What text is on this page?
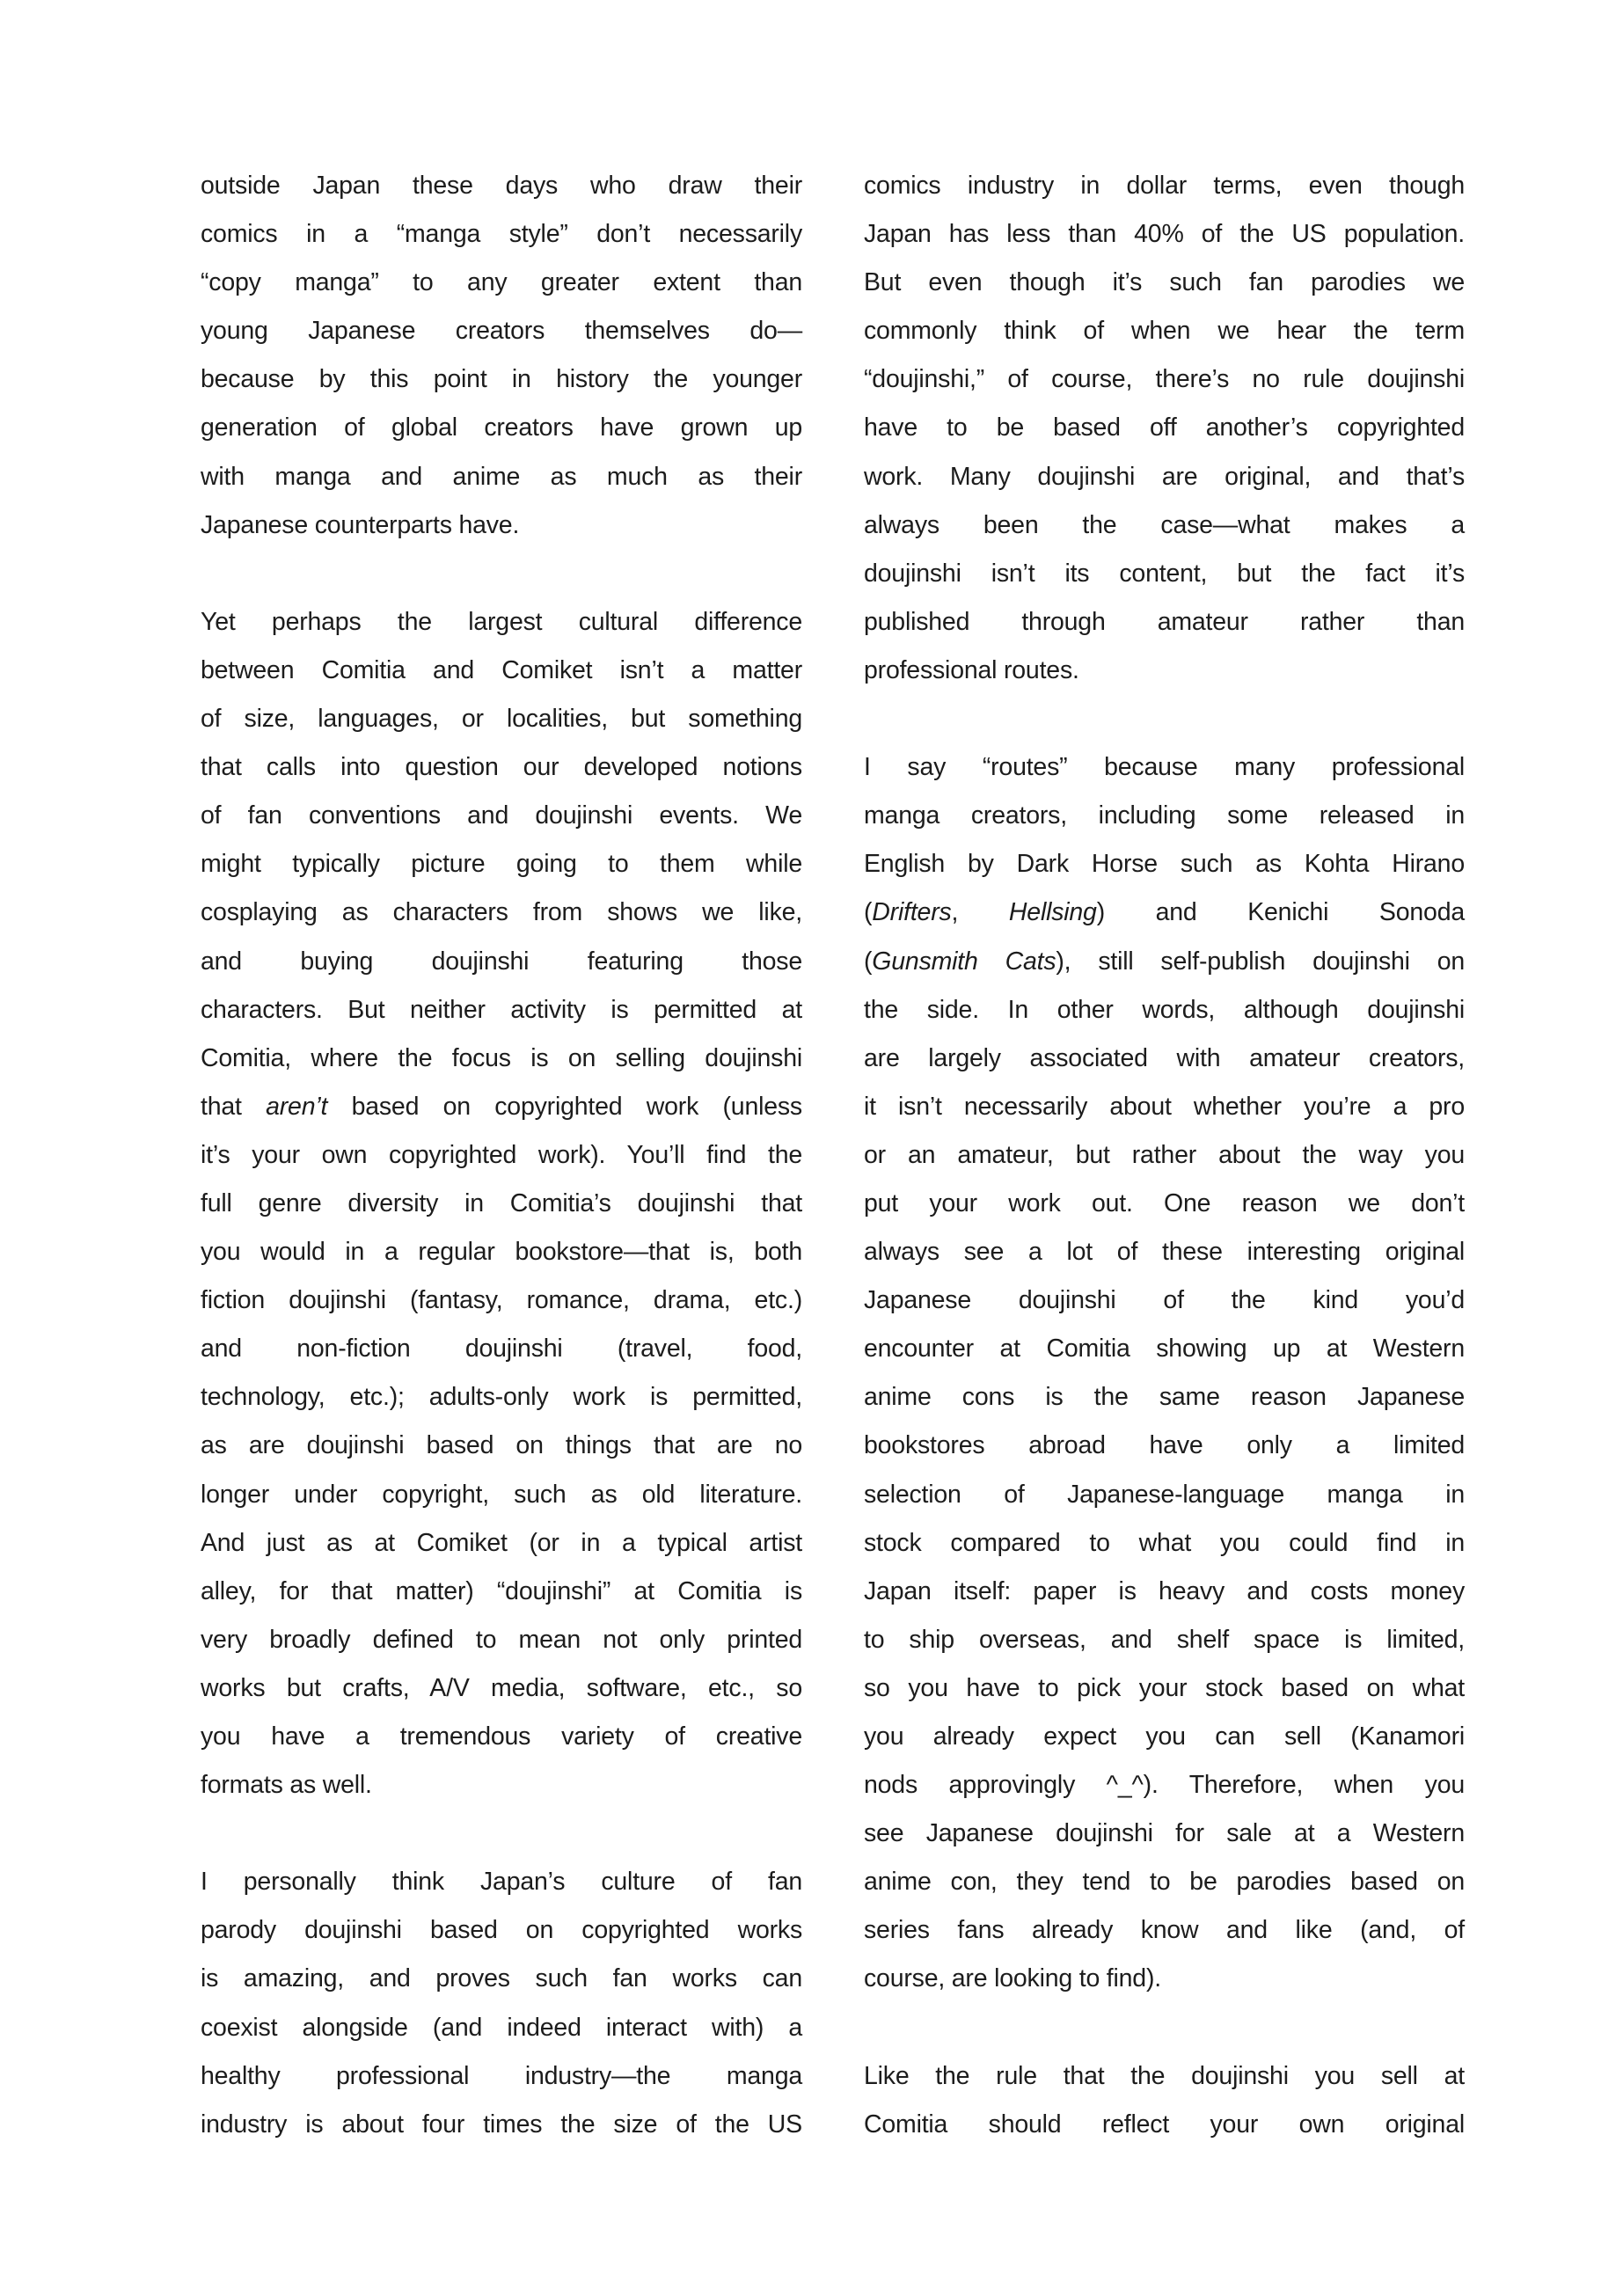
outside Japan these days who draw their
comics in a “manga style” don’t necessarily
“copy manga” to any greater extent than
young Japanese creators themselves do—
because by this point in history the younger
generation of global creators have grown up
with manga and anime as much as their
Japanese counterparts have.
Yet perhaps the largest cultural difference
between Comitia and Comiket isn’t a matter
of size, languages, or localities, but something
that calls into question our developed notions
of fan conventions and doujinshi events. We
might typically picture going to them while
cosplaying as characters from shows we like,
and buying doujinshi featuring those
characters. But neither activity is permitted at
Comitia, where the focus is on selling doujinshi
that aren’t based on copyrighted work (unless
it’s your own copyrighted work). You’ll find the
full genre diversity in Comitia’s doujinshi that
you would in a regular bookstore—that is, both
fiction doujinshi (fantasy, romance, drama, etc.)
and non-fiction doujinshi (travel, food,
technology, etc.); adults-only work is permitted,
as are doujinshi based on things that are no
longer under copyright, such as old literature.
And just as at Comiket (or in a typical artist
alley, for that matter) “doujinshi” at Comitia is
very broadly defined to mean not only printed
works but crafts, A/V media, software, etc., so
you have a tremendous variety of creative
formats as well.
I personally think Japan’s culture of fan
parody doujinshi based on copyrighted works
is amazing, and proves such fan works can
coexist alongside (and indeed interact with) a
healthy professional industry—the manga
industry is about four times the size of the US
comics industry in dollar terms, even though
Japan has less than 40% of the US population.
But even though it’s such fan parodies we
commonly think of when we hear the term
“doujinshi,” of course, there’s no rule doujinshi
have to be based off another’s copyrighted
work. Many doujinshi are original, and that’s
always been the case—what makes a
doujinshi isn’t its content, but the fact it’s
published through amateur rather than
professional routes.
I say “routes” because many professional
manga creators, including some released in
English by Dark Horse such as Kohta Hirano
(Drifters, Hellsing) and Kenichi Sonoda
(Gunsmith Cats), still self-publish doujinshi on
the side. In other words, although doujinshi
are largely associated with amateur creators,
it isn’t necessarily about whether you’re a pro
or an amateur, but rather about the way you
put your work out. One reason we don’t
always see a lot of these interesting original
Japanese doujinshi of the kind you’d
encounter at Comitia showing up at Western
anime cons is the same reason Japanese
bookstores abroad have only a limited
selection of Japanese-language manga in
stock compared to what you could find in
Japan itself: paper is heavy and costs money
to ship overseas, and shelf space is limited,
so you have to pick your stock based on what
you already expect you can sell (Kanamori
nods approvingly ^_^). Therefore, when you
see Japanese doujinshi for sale at a Western
anime con, they tend to be parodies based on
series fans already know and like (and, of
course, are looking to find).
Like the rule that the doujinshi you sell at
Comitia should reflect your own original
